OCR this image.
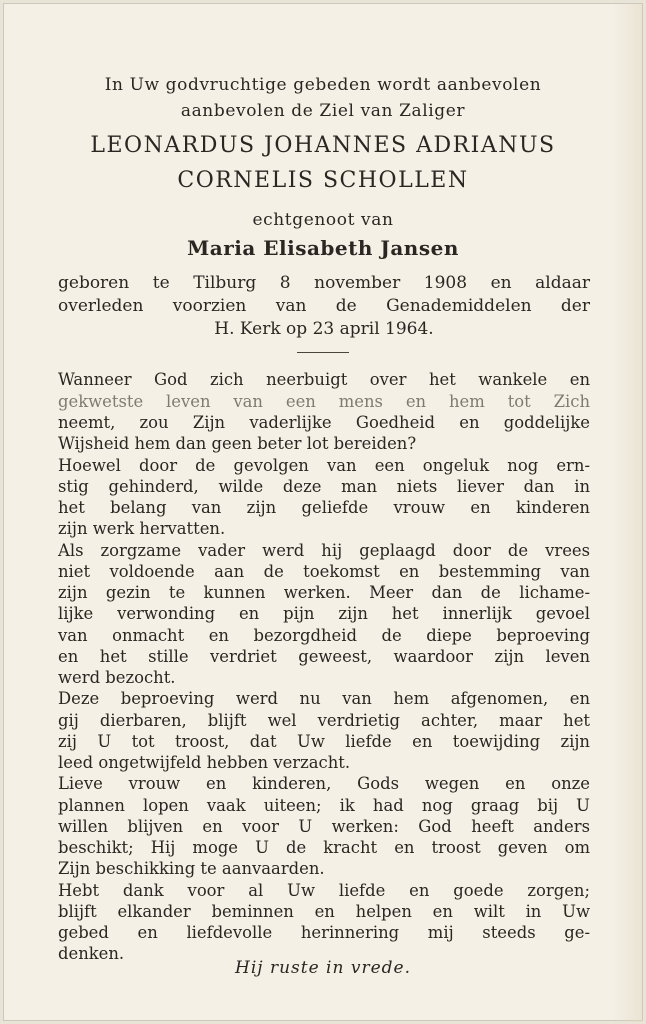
In Uw godvruchtige gebeden wordt aanbevolen
aanbevolen de Ziel van Zaliger
LEONARDUS JOHANNES ADRIANUS
CORNELIS SCHOLLEN
echtgenoot van
Maria Elisabeth Jansen
geboren te Tilburg 8 november 1908 en aldaar
overleden voorzien van de Genademiddelen der
H. Kerk op 23 april 1964.
Wanneer God zich neerbuigt over het wankele en
gekwetste leven van een mens en hem tot Zich
neemt, zou Zijn vaderlijke Goedheid en goddelijke
Wijsheid hem dan geen beter lot bereiden?
Hoewel door de gevolgen van een ongeluk nog ern-
stig gehinderd, wilde deze man niets liever dan in
het belang van zijn geliefde vrouw en kinderen
zijn werk hervatten.
Als zorgzame vader werd hij geplaagd door de vrees
niet voldoende aan de toekomst en bestemming van
zijn gezin te kunnen werken. Meer dan de lichame-
lijke verwonding en pijn zijn het innerlijk gevoel
van onmacht en bezorgdheid de diepe beproeving
en het stille verdriet geweest, waardoor zijn leven
werd bezocht.
Deze beproeving werd nu van hem afgenomen, en
gij dierbaren, blijft wel verdrietig achter, maar het
zij U tot troost, dat Uw liefde en toewijding zijn
leed ongetwijfeld hebben verzacht.
Lieve vrouw en kinderen, Gods wegen en onze
plannen lopen vaak uiteen; ik had nog graag bij U
willen blijven en voor U werken: God heeft anders
beschikt; Hij moge U de kracht en troost geven om
Zijn beschikking te aanvaarden.
Hebt dank voor al Uw liefde en goede zorgen;
blijft elkander beminnen en helpen en wilt in Uw
gebed en liefdevolle herinnering mij steeds ge-
denken.
Hij ruste in vrede.
